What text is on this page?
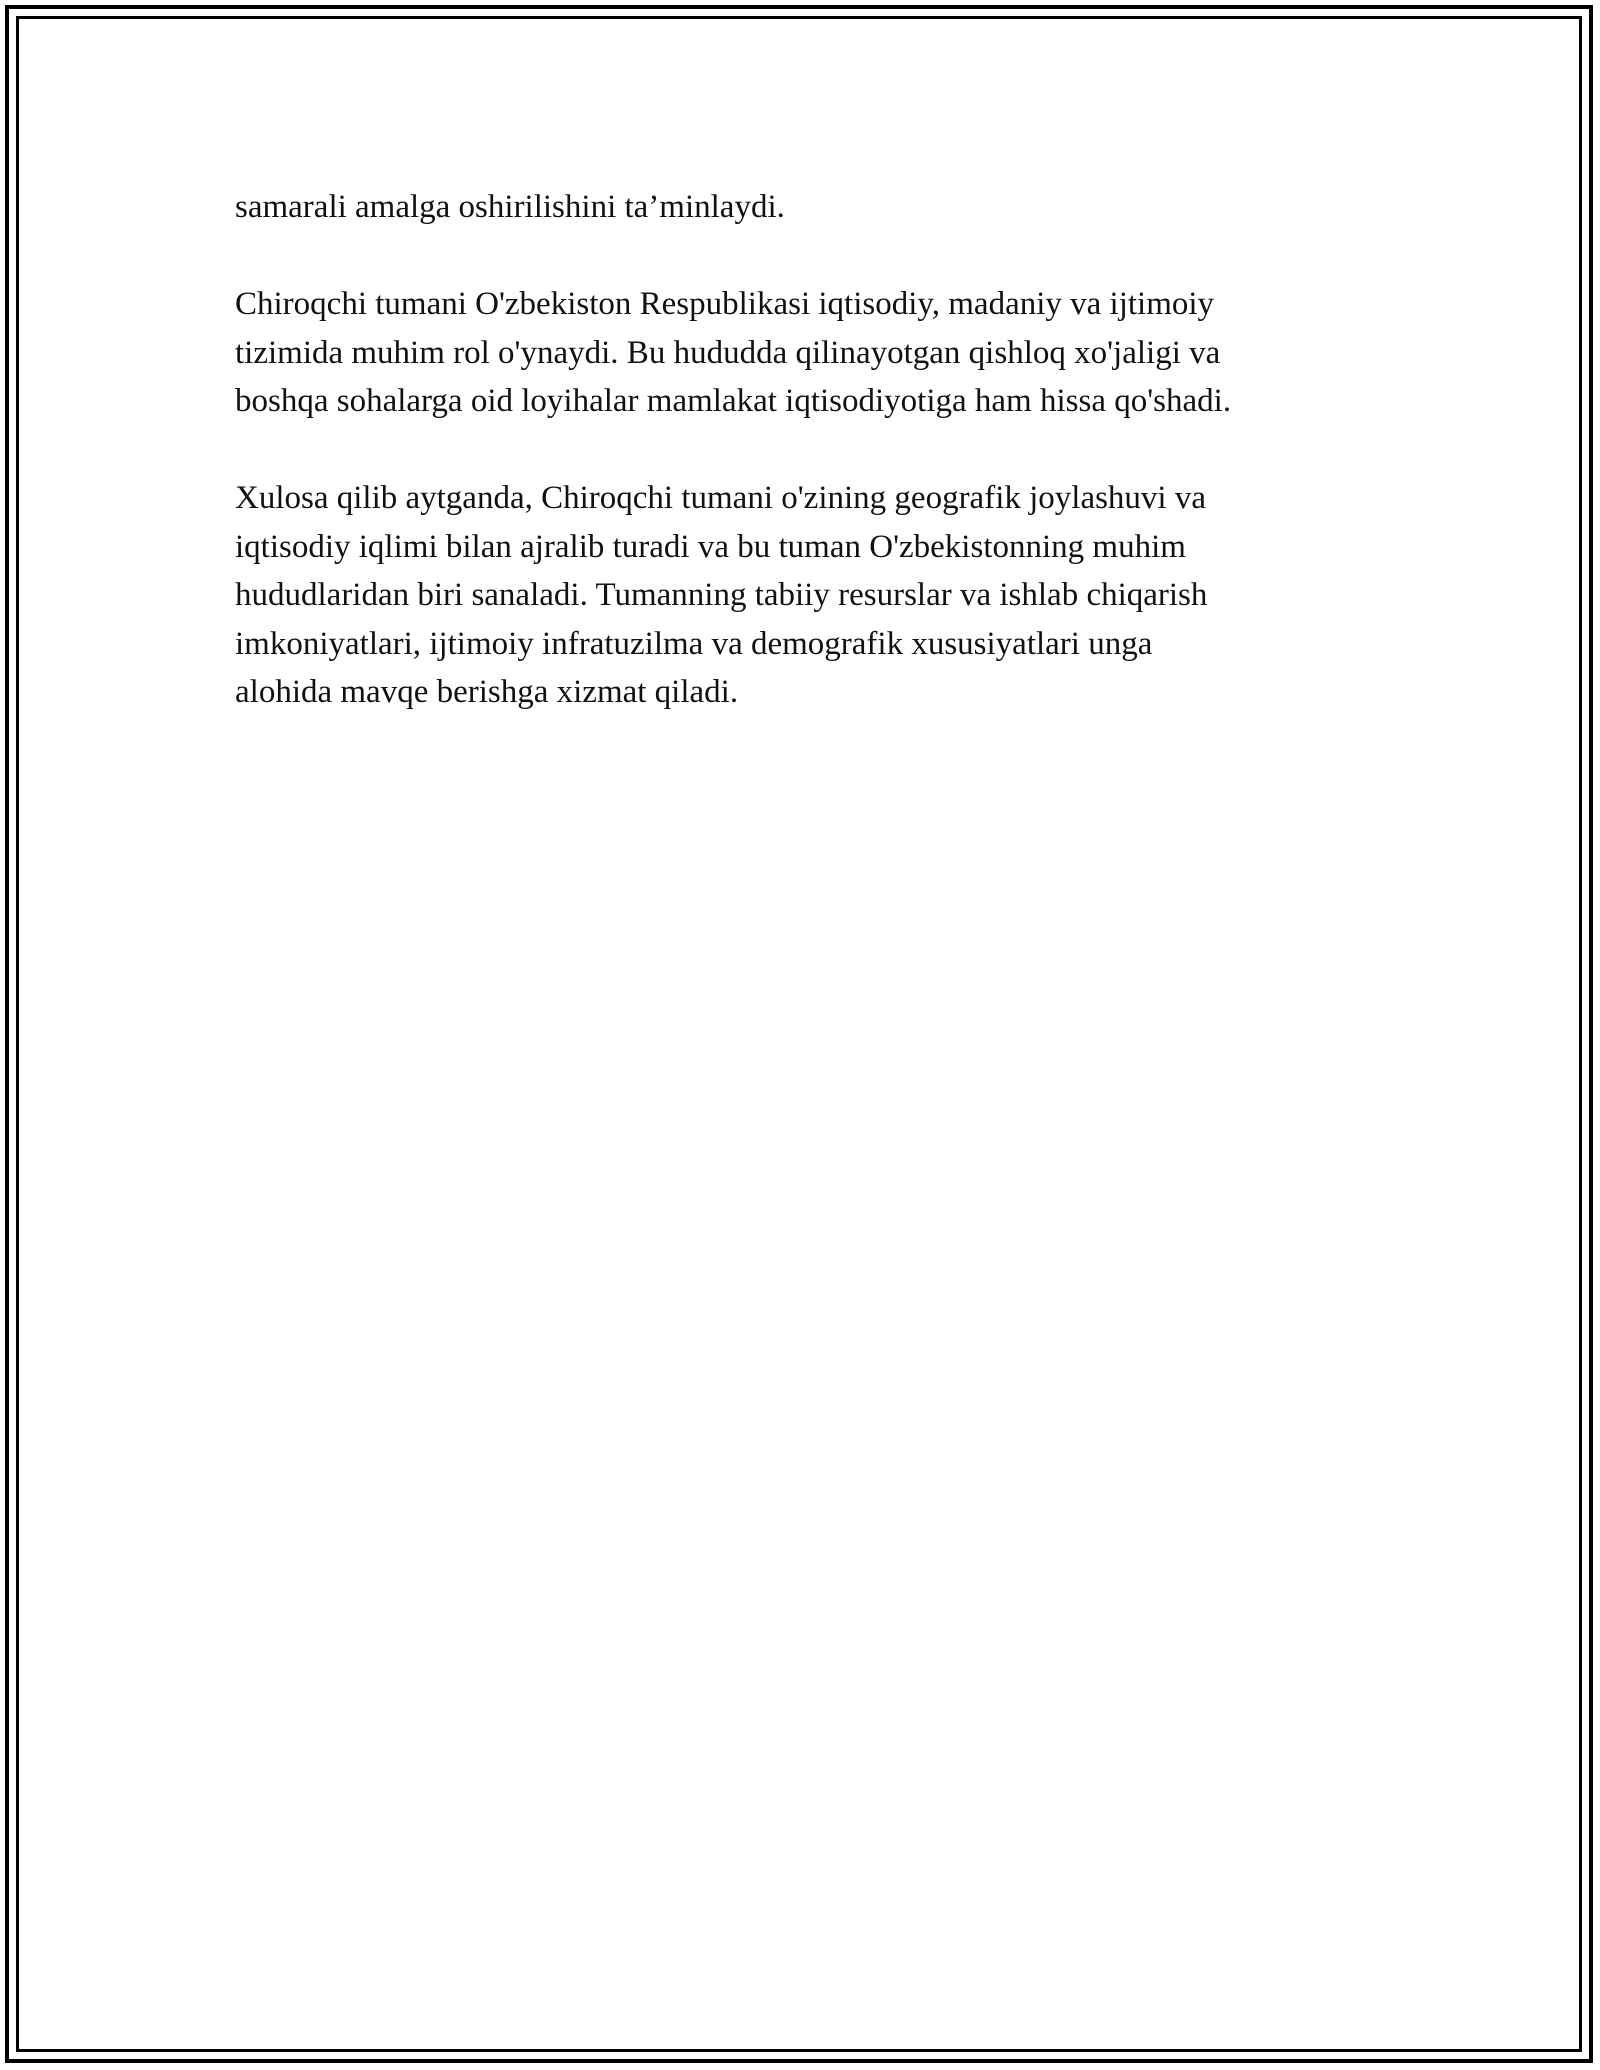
samarali amalga oshirilishini ta’minlaydi.

Chiroqchi tumani O'zbekiston Respublikasi iqtisodiy, madaniy va ijtimoiy
tizimida muhim rol o'ynaydi. Bu hududda qilinayotgan qishloq xo'jaligi va
boshqa sohalarga oid loyihalar mamlakat iqtisodiyotiga ham hissa qo'shadi.

Xulosa qilib aytganda, Chiroqchi tumani o'zining geografik joylashuvi va
iqtisodiy iqlimi bilan ajralib turadi va bu tuman O'zbekistonning muhim
hududlaridan biri sanaladi. Tumanning tabiiy resurslar va ishlab chiqarish
imkoniyatlari, ijtimoiy infratuzilma va demografik xususiyatlari unga
alohida mavqe berishga xizmat qiladi.
